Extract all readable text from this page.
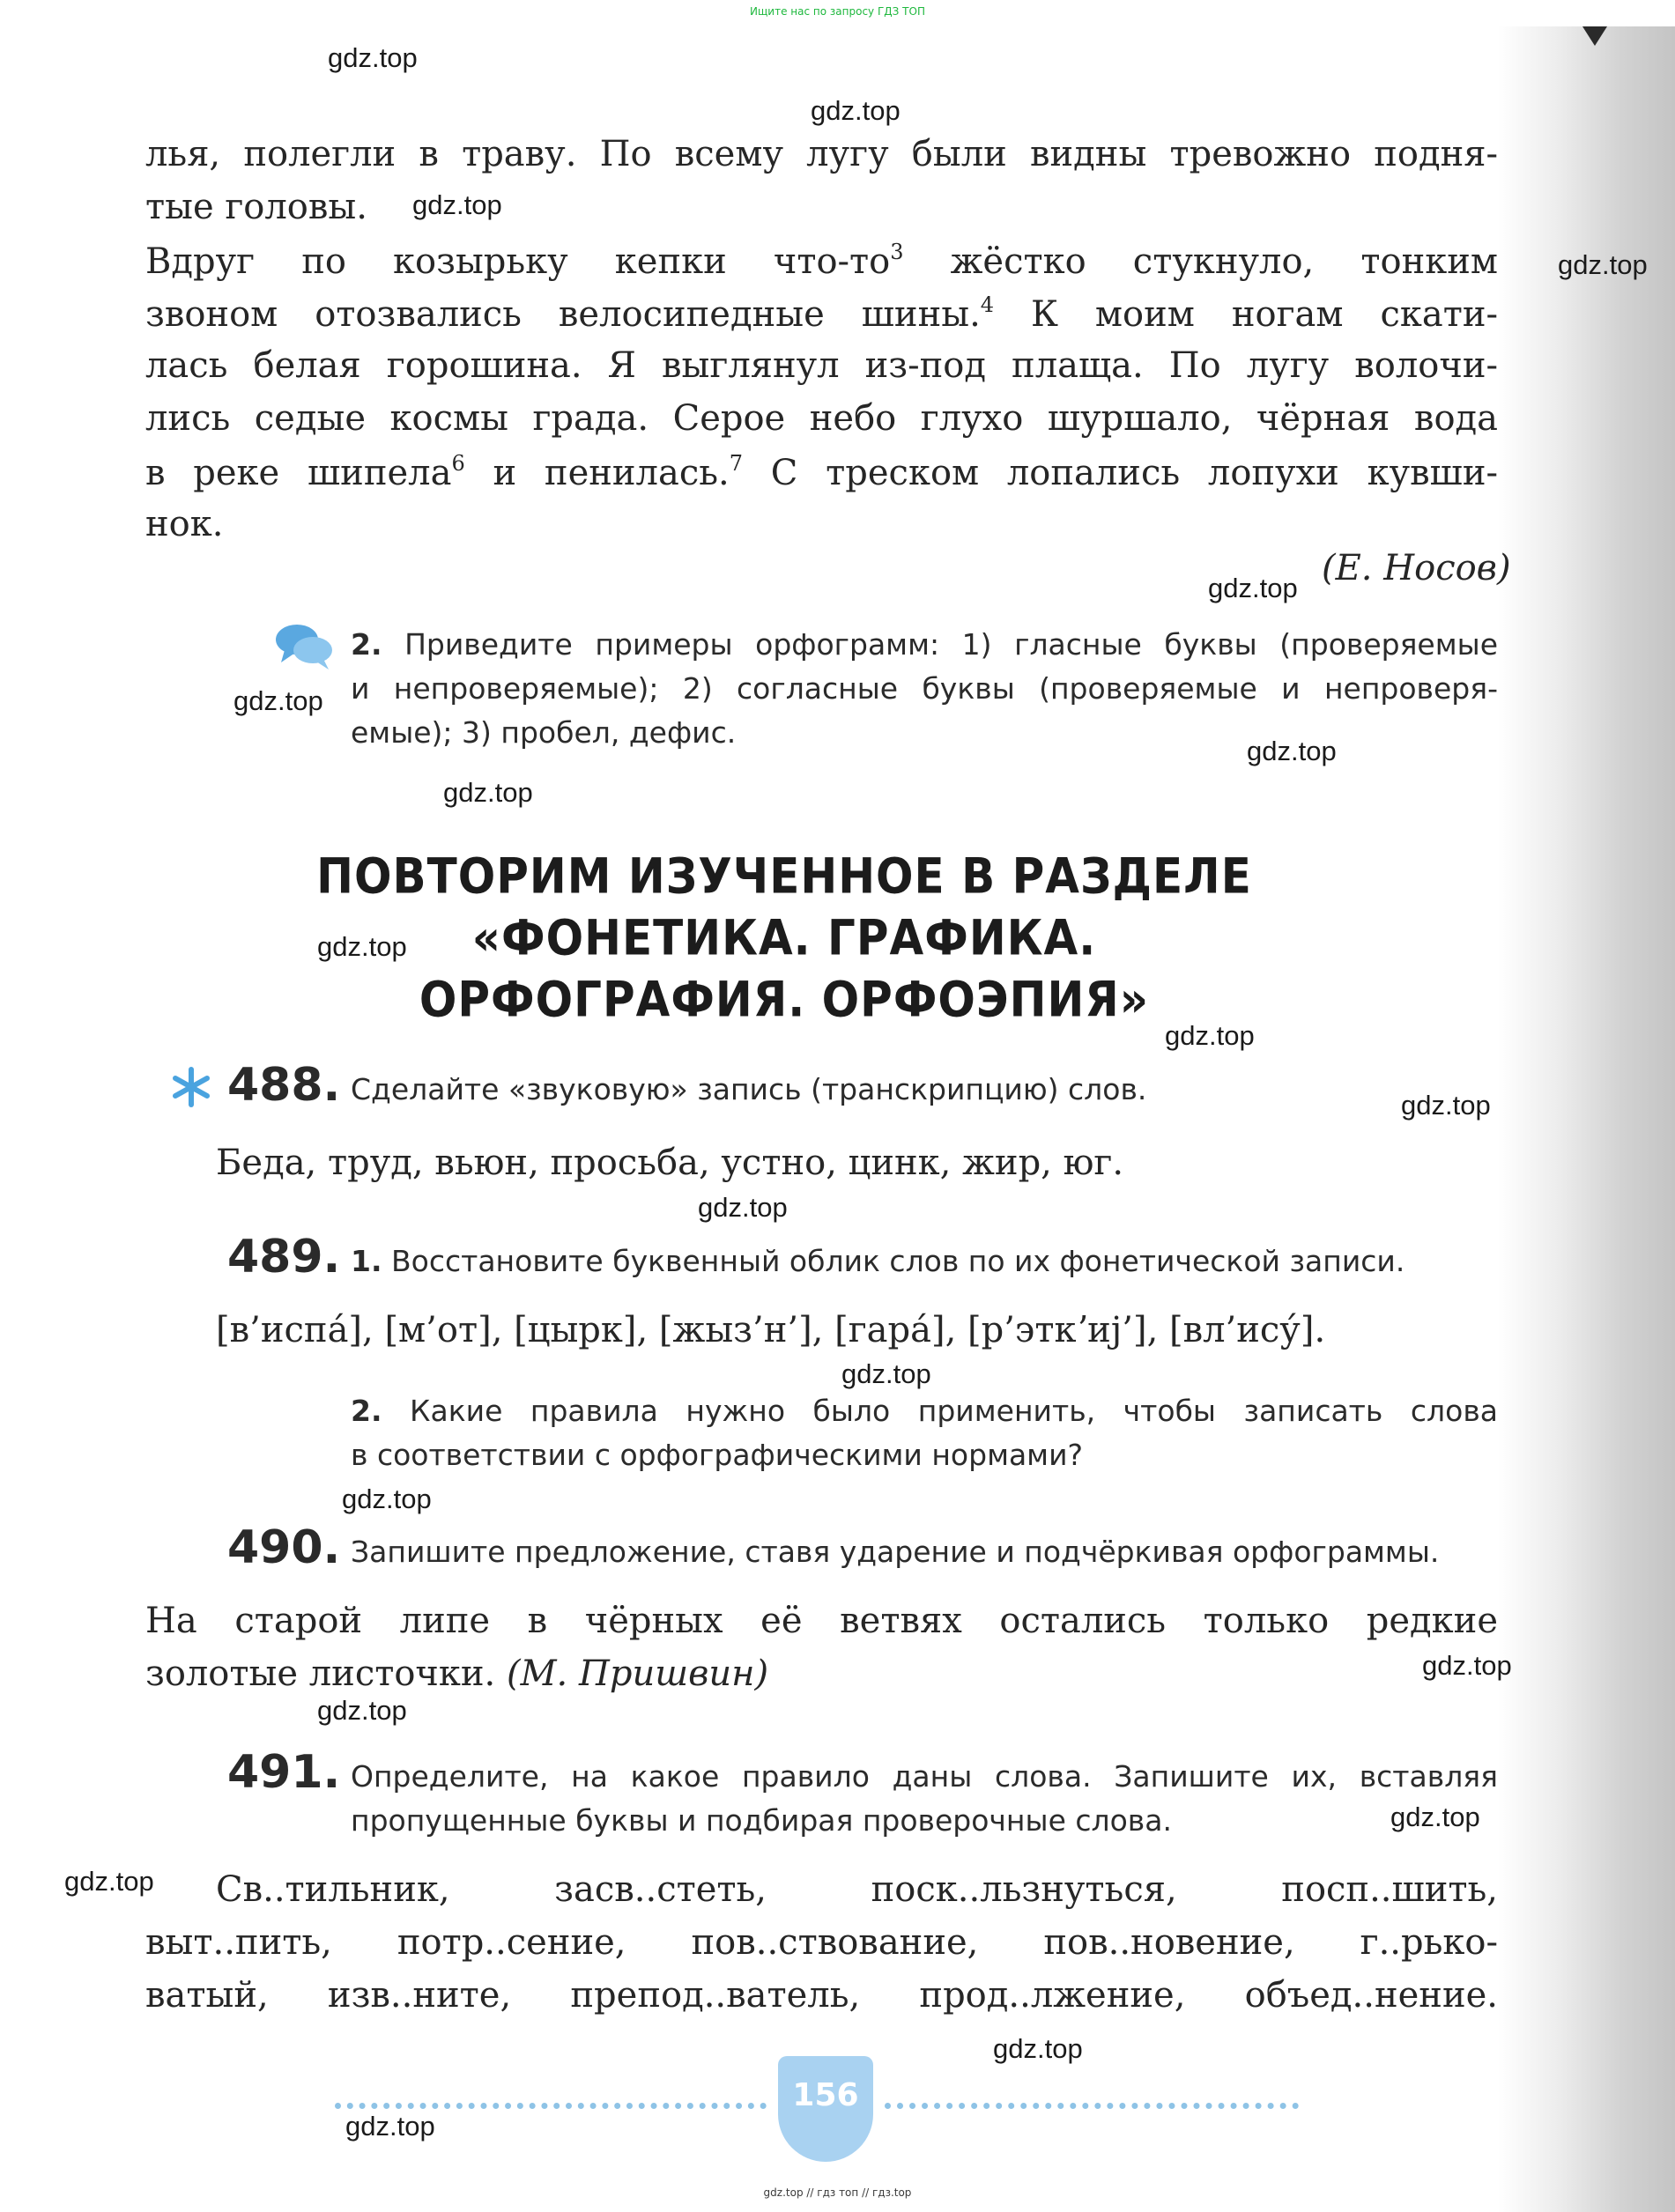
Ищите нас по запросу ГДЗ ТОП

лья, полегли в траву. По всему лугу были видны тревожно подня-

тые головы.

Вдруг по козырьку кепки что-$то^3$ жёстко стукнуло, тонким

звоном отозвались велосипедные шины.$^4$ К моим ногам скати-

лась белая горошина. Я выглянул из-под плаща. По лугу волочи-

лись седые космы града. Серое небо глухо шуршало, чёрная вода

в реке шипела$^6$ и пенилась.$^7$ С треском лопались лопухи кувши-

нок.

(Е. Носов)

2. Приведите примеры орфограмм: 1) гласные буквы (проверяемые

и непроверяемые); 2) согласные буквы (проверяемые и непроверя-

емые); 3) пробел, дефис.

ПОВТОРИМ ИЗУЧЕННОЕ В РАЗДЕЛЕ

«ФОНЕТИКА. ГРАФИКА.

ОРФОГРАФИЯ. ОРФОЭПИЯ»

488. Сделайте «звуковую» запись (транскрипцию) слов.

Беда, труд, вьюн, просьба, устно, цинк, жир, юг.

489. 1. Восстановите буквенный облик слов по их фонетической записи.

[в’испá], [м’от], [цырк], [жыз’н’], [гарá], [р’эткʼиj’], [вл’ису́].

2. Какие правила нужно было применить, чтобы записать слова

в соответствии с орфографическими нормами?

490. Запишите предложение, ставя ударение и подчёркивая орфограммы.

На старой липе в чёрных её ветвях остались только редкие

золотые листочки. (М. Пришвин)

491. Определите, на какое правило даны слова. Запишите их, вставляя

пропущенные буквы и подбирая проверочные слова.

Св..тильник, засв..стеть, поск..льзнуться, посп..шить,

выт..пить, потр..сение, пов..ствование, пов..новение, г..рько-

ватый, изв..ните, препод..ватель, прод..лжение, объед..нение.

156

gdz.top

gdz.top

gdz.top

gdz.top

gdz.top

gdz.top

gdz.top

gdz.top

gdz.top

gdz.top

gdz.top

gdz.top

gdz.top

gdz.top

gdz.top

gdz.top

gdz.top

gdz.top

gdz.top

gdz.top

gdz.top // гдз топ // гдз.top
